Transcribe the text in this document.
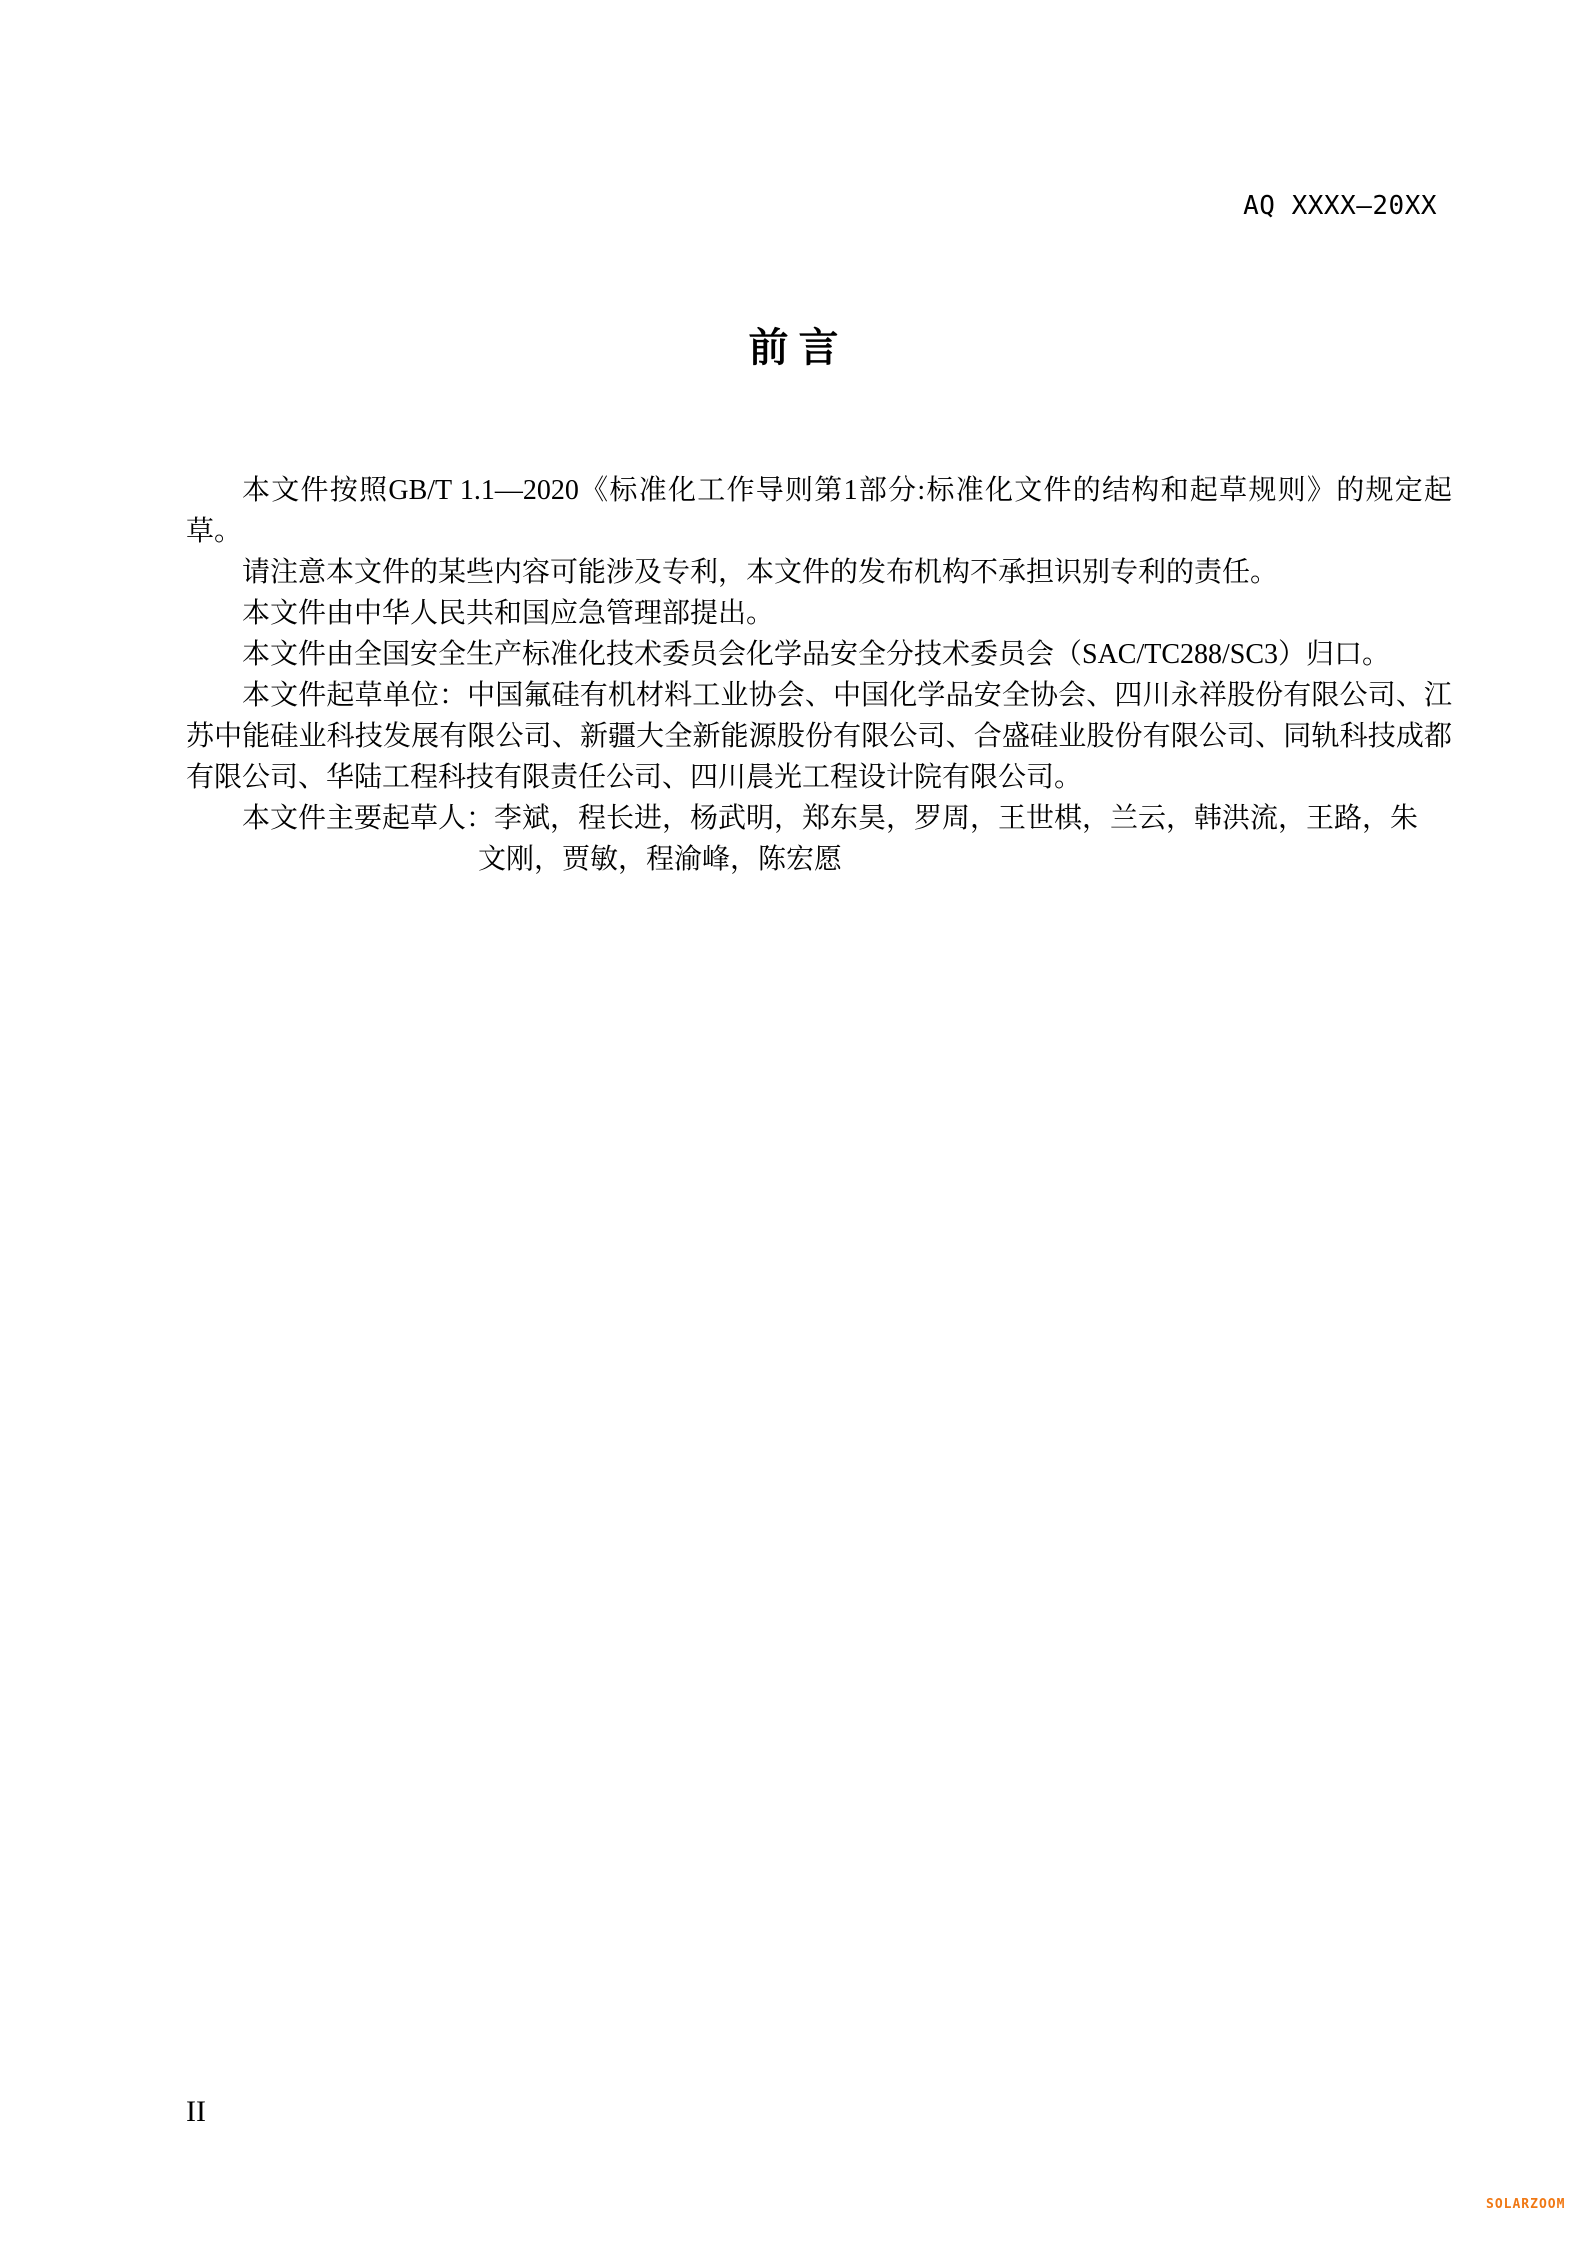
AQ XXXX—20XX
前言

本文件按照GB/T 1.1—2020《标准化工作导则第1部分:标准化文件的结构和起草规则》的规定起草。

请注意本文件的某些内容可能涉及专利，本文件的发布机构不承担识别专利的责任。

本文件由中华人民共和国应急管理部提出。

本文件由全国安全生产标准化技术委员会化学品安全分技术委员会（SAC/TC288/SC3）归口。

本文件起草单位：中国氟硅有机材料工业协会、中国化学品安全协会、四川永祥股份有限公司、江苏中能硅业科技发展有限公司、新疆大全新能源股份有限公司、合盛硅业股份有限公司、同轨科技成都有限公司、华陆工程科技有限责任公司、四川晨光工程设计院有限公司。

本文件主要起草人：李斌，程长进，杨武明，郑东昊，罗周，王世棋，兰云，韩洪流，王路，朱

文刚，贾敏，程渝峰，陈宏愿

II
SOLARZOOM
